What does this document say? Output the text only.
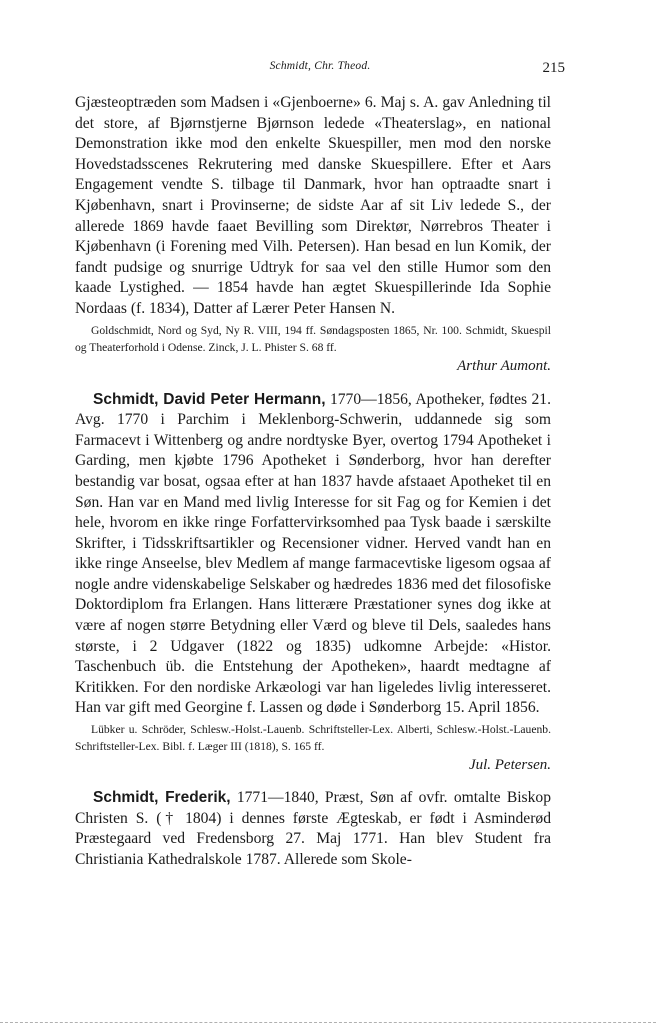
Schmidt, Chr. Theod.	215

Gjæsteoptræden som Madsen i «Gjenboerne» 6. Maj s. A. gav Anledning til det store, af Bjørnstjerne Bjørnson ledede «Theaterslag», en national Demonstration ikke mod den enkelte Skuespiller, men mod den norske Hovedstadsscenes Rekrutering med danske Skuespillere. Efter et Aars Engagement vendte S. tilbage til Danmark, hvor han optraadte snart i Kjøbenhavn, snart i Provinserne; de sidste Aar af sit Liv ledede S., der allerede 1869 havde faaet Bevilling som Direktør, Nørrebros Theater i Kjøbenhavn (i Forening med Vilh. Petersen). Han besad en lun Komik, der fandt pudsige og snurrige Udtryk for saa vel den stille Humor som den kaade Lystighed. — 1854 havde han ægtet Skuespillerinde Ida Sophie Nordaas (f. 1834), Datter af Lærer Peter Hansen N.

Goldschmidt, Nord og Syd, Ny R. VIII, 194 ff. Søndagsposten 1865, Nr. 100. Schmidt, Skuespil og Theaterforhold i Odense. Zinck, J. L. Phister S. 68 ff.

Arthur Aumont.

Schmidt, David Peter Hermann, 1770—1856, Apotheker, fødtes 21. Avg. 1770 i Parchim i Meklenborg-Schwerin, uddannede sig som Farmacevt i Wittenberg og andre nordtyske Byer, overtog 1794 Apotheket i Garding, men kjøbte 1796 Apotheket i Sønderborg, hvor han derefter bestandig var bosat, ogsaa efter at han 1837 havde afstaaet Apotheket til en Søn. Han var en Mand med livlig Interesse for sit Fag og for Kemien i det hele, hvorom en ikke ringe Forfattervirksomhed paa Tysk baade i særskilte Skrifter, i Tidsskriftsartikler og Recensioner vidner. Herved vandt han en ikke ringe Anseelse, blev Medlem af mange farmacevtiske ligesom ogsaa af nogle andre videnskabelige Selskaber og hædredes 1836 med det filosofiske Doktordiplom fra Erlangen. Hans litterære Præstationer synes dog ikke at være af nogen større Betydning eller Værd og bleve til Dels, saaledes hans største, i 2 Udgaver (1822 og 1835) udkomne Arbejde: «Histor. Taschenbuch üb. die Entstehung der Apotheken», haardt medtagne af Kritikken. For den nordiske Arkæologi var han ligeledes livlig interesseret. Han var gift med Georgine f. Lassen og døde i Sønderborg 15. April 1856.

Lübker u. Schröder, Schlesw.-Holst.-Lauenb. Schriftsteller-Lex. Alberti, Schlesw.-Holst.-Lauenb. Schriftsteller-Lex. Bibl. f. Læger III (1818), S. 165 ff.

Jul. Petersen.

Schmidt, Frederik, 1771—1840, Præst, Søn af ovfr. omtalte Biskop Christen S. († 1804) i dennes første Ægteskab, er født i Asminderød Præstegaard ved Fredensborg 27. Maj 1771. Han blev Student fra Christiania Kathedralskole 1787. Allerede som Skole-
